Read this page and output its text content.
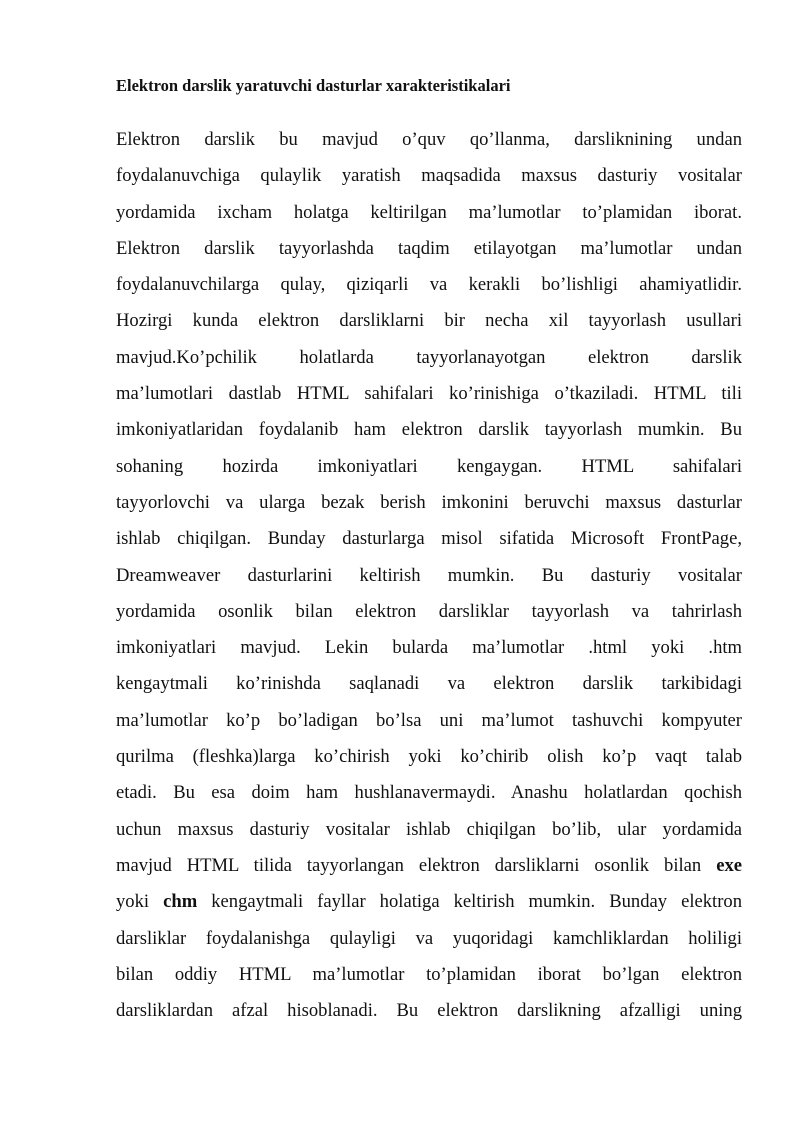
Elektron darslik yaratuvchi dasturlar xarakteristikalari
Elektron darslik bu mavjud o’quv qo’llanma, darsliknining undan
foydalanuvchiga qulaylik yaratish maqsadida maxsus dasturiy vositalar
yordamida ixcham holatga keltirilgan ma’lumotlar to’plamidan iborat.
Elektron darslik tayyorlashda taqdim etilayotgan ma’lumotlar undan
foydalanuvchilarga qulay, qiziqarli va kerakli bo’lishligi ahamiyatlidir.
Hozirgi kunda elektron darsliklarni bir necha xil tayyorlash usullari
mavjud.Ko’pchilik holatlarda tayyorlanayotgan elektron darslik
ma’lumotlari dastlab HTML sahifalari ko’rinishiga o’tkaziladi. HTML tili
imkoniyatlaridan foydalanib ham elektron darslik tayyorlash mumkin. Bu
sohaning hozirda imkoniyatlari kengaygan. HTML sahifalari
tayyorlovchi va ularga bezak berish imkonini beruvchi maxsus dasturlar
ishlab chiqilgan. Bunday dasturlarga misol sifatida Microsoft FrontPage,
Dreamweaver dasturlarini keltirish mumkin. Bu dasturiy vositalar
yordamida osonlik bilan elektron darsliklar tayyorlash va tahrirlash
imkoniyatlari mavjud. Lekin bularda ma’lumotlar .html yoki .htm
kengaytmali ko’rinishda saqlanadi va elektron darslik tarkibidagi
ma’lumotlar ko’p bo’ladigan bo’lsa uni ma’lumot tashuvchi kompyuter
qurilma (fleshka)larga ko’chirish yoki ko’chirib olish ko’p vaqt talab
etadi. Bu esa doim ham hushlanavermaydi. Anashu holatlardan qochish
uchun maxsus dasturiy vositalar ishlab chiqilgan bo’lib, ular yordamida
mavjud HTML tilida tayyorlangan elektron darsliklarni osonlik bilan exe
yoki chm kengaytmali fayllar holatiga keltirish mumkin. Bunday elektron
darsliklar foydalanishga qulayligi va yuqoridagi kamchliklardan holiligi
bilan oddiy HTML ma’lumotlar to’plamidan iborat bo’lgan elektron
darsliklardan afzal hisoblanadi. Bu elektron darslikning afzalligi uning
